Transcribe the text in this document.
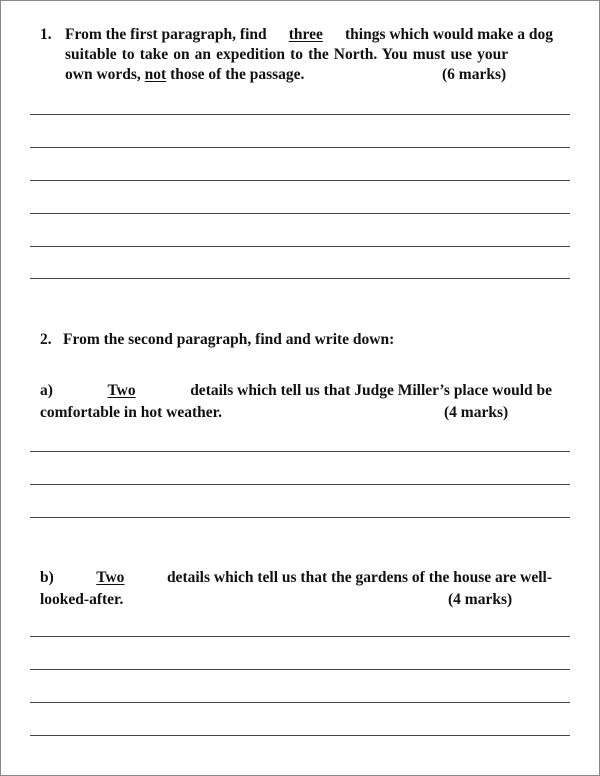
1. From the first paragraph, find three things which would make a dog
suitable to take on an expedition to the North. You must use your
own words, not those of the passage.	(6 marks)
2. From the second paragraph, find and write down:
a)	Two	details which tell us that Judge Miller’s place would be
comfortable in hot weather.	(4 marks)
b)	Two	details which tell us that the gardens of the house are well-
looked-after.	(4 marks)
